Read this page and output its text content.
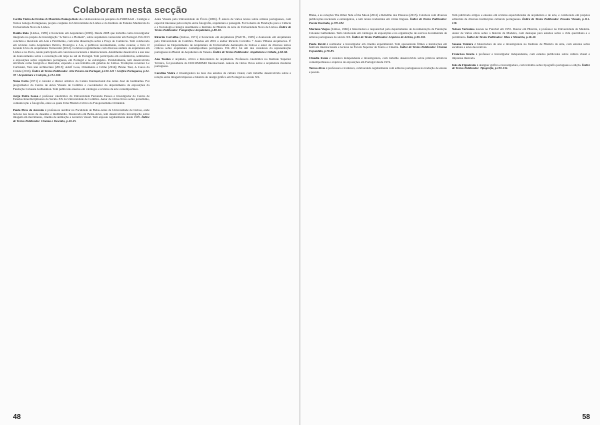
Colaboram nesta secção

Cecília Vieira de Freitas & Maurício Pantoja Reis são colaboradores na pesquisa do PORTAGO - Cantigas e Textos Galego-Portugueses, projeto conjunto da Universidade de Lisboa e do Instituto de Estudos Medievais da Universidade Nova de Lisboa.

Danilo Rolo (Lisboa, 1985) é licenciado em Arquitetura (2009). Desde 2008 que trabalha como investigador integrado no projeto de investigação "A Terra e o Homem", sobre arquitetura vernacular em Portugal. Em 2013 concluiu o mestrado em Arte e Património, com uma dissertação sobre a Praça do Comércio. Tem colaborado em revistas como Arquitetura Ibérica, Prototypo e J-A, e publicou recentemente, como coautor, o livro O Grande Livro da Arquitetura Vernacular (2012). Colabora regularmente com diversos ateliers de arquitetura em Lisboa e no Porto, tendo participado em concursos nacionais e internacionais. Atualmente desenvolve a sua tese de doutoramento sobre a construção em taipa no sul de Portugal. Tem participado em conferências, seminários e exposições sobre arquitetura portuguesa, em Portugal e no estrangeiro. Paralelamente, tem desenvolvido atividade como fotógrafo e ilustrador, expondo o seu trabalho em galerias de Lisboa. Traduções recentes: Le Corbusier, Vers une architecture (2013); Adolf Loos, Ornamento e Crime (2014); Bruno Taut, A Coroa da Cidade (2016). Índice de Textos Publicados: Arte Povera em Portugal, p.120-122 • Gráfica Portuguesa, p.34-35 • Arquitetura e Coleção, p.154-160.

Nuno Faria (1971) é curador e diretor artístico do Centro Internacional das Artes José de Guimarães. Foi programador do Centro de Artes Visuais de Coimbra e coordenador do departamento de exposições da Fundação Calouste Gulbenkian. Tem publicado ensaios em catálogos e revistas de arte contemporânea.

Jorge Pedro Sousa é professor catedrático da Universidade Fernando Pessoa e investigador do Centro de Estudos Interdisciplinares do Século XX da Universidade de Coimbra. Autor de vários livros sobre jornalismo, comunicação e fotografia, entre os quais Uma História Crítica do Fotojornalismo Ocidental.

Paula Pires de Azevedo é professora auxiliar na Faculdade de Belas-Artes da Universidade de Lisboa, onde leciona nas áreas de desenho e multimédia. Doutorada em Belas-Artes, tem desenvolvido investigação sobre imagem em movimento, cinema de animação e narrativa visual. Tem exposto regularmente desde 1995. Índice de Textos Publicados: Cinema e Desenho, p.40-45.

Artes Visuais pela Universidade de Évora (2006). É autora de vários textos sobre artistas portugueses, com especial interesse pela relação entre fotografia, arquitetura e paisagem. Foi bolseira da Fundação para a Ciência e a Tecnologia e integra atualmente o Instituto de História da Arte da Universidade Nova de Lisboa. Índice de Textos Publicados: Fotografia e Arquitetura, p.88-92.

Ricardo Carvalho (Lisboa, 1971) é licenciado em Arquitetura (FAUTL, 1995) e doutorado em Arquitetura pela Universidade de Coimbra. Fundou em 2001 o atelier Ricardo Carvalho + Joana Vilhena Arquitectos. É professor no Departamento de Arquitetura da Universidade Autónoma de Lisboa e autor de diversos textos críticos sobre arquitetura contemporânea portuguesa. Em 2011 foi um dos curadores da representação portuguesa na Bienal de Arquitetura de Veneza. Índice de Textos Publicados: Arquitetura e Cidade, p.60-66.

Ana Tostões é arquiteta, crítica e historiadora de arquitetura. Professora catedrática no Instituto Superior Técnico, foi presidente do DOCOMOMO Internacional. Autora de vários livros sobre a arquitetura moderna portuguesa.

Carolina Vieira é investigadora na área dos estudos de cultura visual, com trabalho desenvolvido sobre a relação entre imagem impressa e história do design gráfico em Portugal no século XX.

48

Blake, e as coleções The Other Side of the Moon (2012) e Rebelião dos Pássaros (2015). Colabora com diversas publicações nacionais e estrangeiras, e tem textos traduzidos em várias línguas. Índice de Textos Publicados: Poesia Ilustrada, p.170-182.

Mariana Viegas (Lisboa, 1966) é historiadora e responsável pelo departamento de documentação da Fundação Calouste Gulbenkian. Tem colaborado em catálogos de exposições e na organização de acervos documentais de artistas portugueses do século XX. Índice de Textos Publicados: Arquivos de Artista, p.96-102.

Paulo Ravid é realizador e investigador em cinema experimental. Tem apresentado filmes e instalações em festivais internacionais e leciona na Escola Superior de Teatro e Cinema. Índice de Textos Publicados: Cinema Expandido, p.78-85.

Cláudia Fonte é curadora independente e investigadora, com trabalho desenvolvido sobre práticas artísticas contemporâneas e arquivos de exposições em Portugal desde 1974.

Teresa Alves é professora e tradutora, colaborando regularmente com editoras portuguesas na tradução de ensaio e poesia.

Tem publicado artigos e ensaios em revistas especializadas de arquitetura e de arte, e colaborado em projetos editoriais de diversas instituições culturais portuguesas. Índice de Textos Publicados: Ensaios Visuais, p.114-118.

Nelson Veríssimo nasceu no Funchal em 1955. Doutor em História, é professor na Universidade da Madeira. Autor de várias obras sobre a história da Madeira, com destaque para estudos sobre a vida quotidiana e o património. Índice de Textos Publicados: Ilhas e Memória, p.46-49.

Susana Ventura é historiadora de arte e investigadora no Instituto de História da Arte, com estudos sobre escultura e artes decorativas.

Francisco Inácio é professor e investigador independente, com estudos publicados sobre cultura visual e imprensa ilustrada.

Inês de Figueiredo é designer gráfica e investigadora, com trabalho sobre tipografia portuguesa e edição. Índice de Textos Publicados: Tipografia, p.130-134.

58
